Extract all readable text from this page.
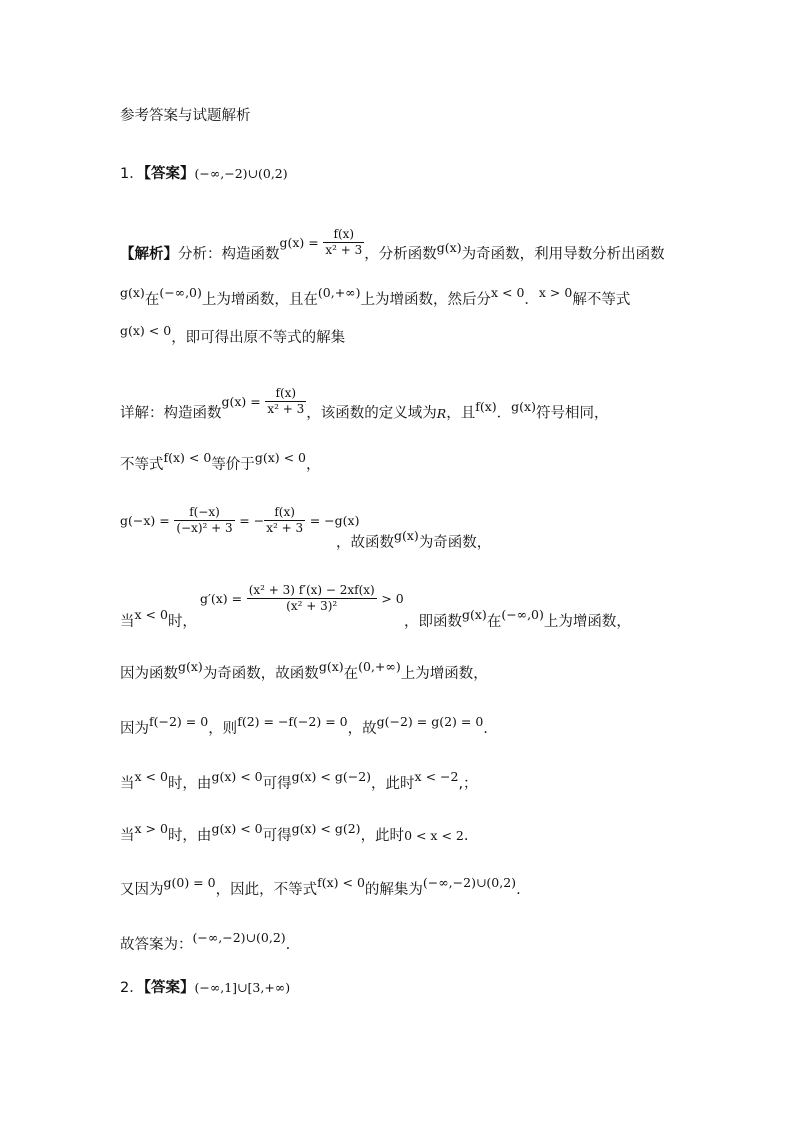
参考答案与试题解析
1．【答案】(−∞,−2)∪(0,2)
【解析】分析：构造函数$g(x) = \frac{f(x)}{\text{x² + 3}}$ ，分析函数g(x)为奇函数，利用导数分析出函数
g(x)在(−∞,0)上为增函数，且在(0,+∞)上为增函数，然后分x < 0．x > 0解不等式
g(x) < 0，即可得出原不等式的解集
详解：构造函数$g(x) = \frac{f(x)}{\text{x² + 3}}$ ，该函数的定义域为R，且f(x)．g(x)符号相同，
不等式f(x) < 0等价于g(x) < 0，
$g(-x) = \frac{f(-x)}{\text{(−x)² + 3}}$ = − $\frac{f(x)}{\text{x² + 3}} = -g(x)$
，故函数g(x)为奇函数，
$g'(x) = \frac{\text{(x² + 3) f′(x) − 2xf(x)}}{\text{(x² + 3)²}} > 0$
当x < 0时，	，即函数g(x)在(−∞,0)上为增函数，
因为函数g(x)为奇函数，故函数g(x)在(0,+∞)上为增函数，
因为f(−2) = 0，则f(2) = −f(−2) = 0，故g(−2) = g(2) = 0.
当x < 0时，由g(x) < 0可得g(x) < g(−2)，此时x < −2,；
当x > 0时，由g(x) < 0可得g(x) < g(2)，此时0 < x < 2.
又因为g(0) = 0，因此，不等式f(x) < 0的解集为(−∞,−2)∪(0,2).
故答案为：(−∞,−2)∪(0,2).
2．【答案】(−∞,1]∪[3,+∞)
